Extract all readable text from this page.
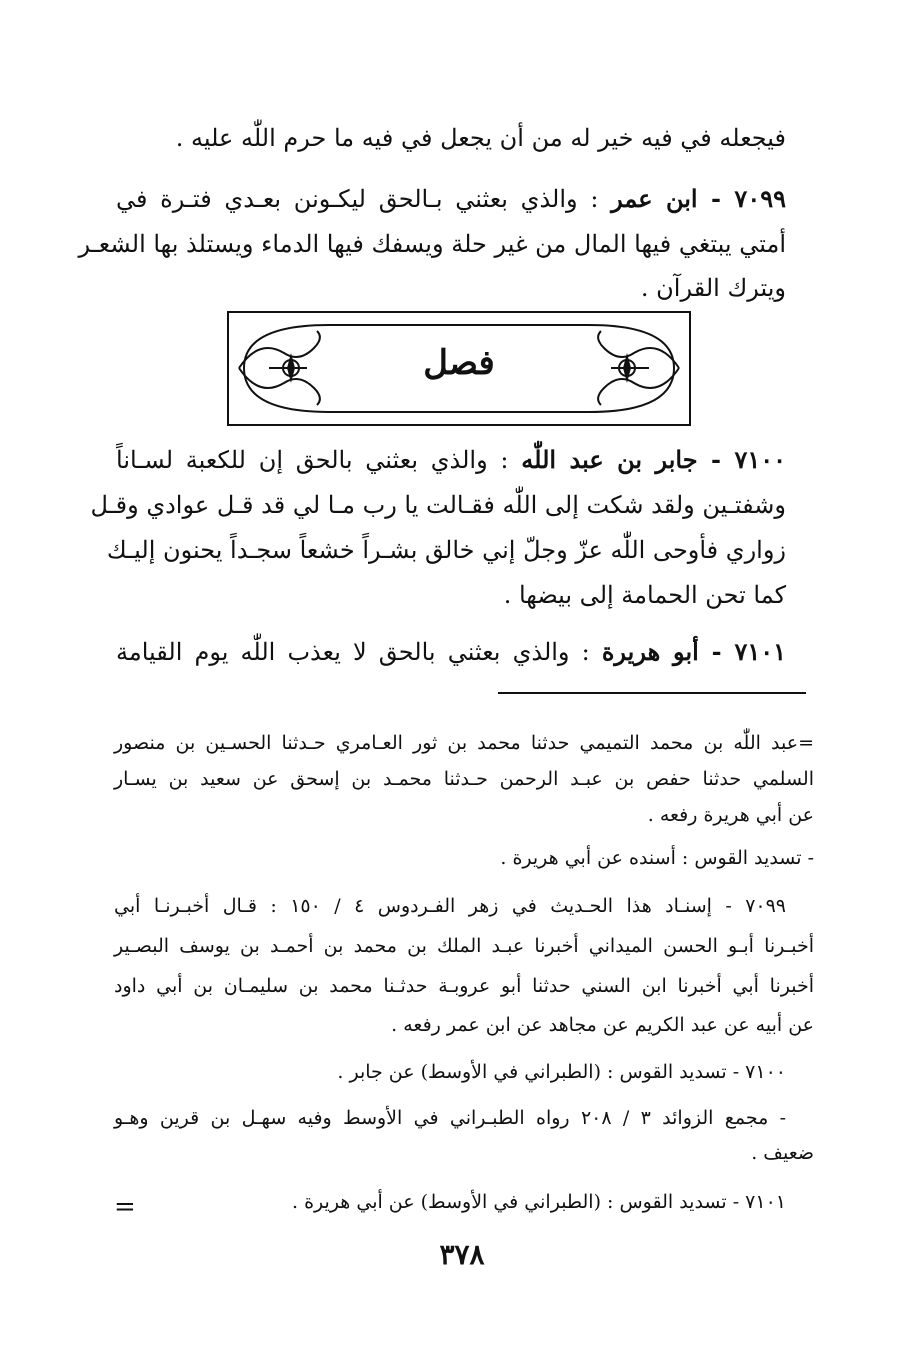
فيجعله في فيه خير له من أن يجعل في فيه ما حرم اللّٰه عليه .
٧٠٩٩ - ابن عمر : والذي بعثني بـالحق ليكـونن بعـدي فتـرة في
أمتي يبتغي فيها المال من غير حلة ويسفك فيها الدماء ويستلذ بها الشعـر
ويترك القرآن .
فصل
٧١٠٠ - جابر بن عبد اللّٰه : والذي بعثني بالحق إن للكعبة لسـاناً
وشفتـين ولقد شكت إلى اللّٰه فقـالت يا رب مـا لي قد قـل عوادي وقـل
زواري فأوحى اللّٰه عزّ وجلّ إني خالق بشـراً خشعاً سجـداً يحنون إليـك
كما تحن الحمامة إلى بيضها .
٧١٠١ - أبو هريرة : والذي بعثني بالحق لا يعذب اللّٰه يوم القيامة
=عبد اللّٰه بن محمد التميمي حدثنا محمد بن ثور العـامري حـدثنا الحسـين بن منصور
السلمي حدثنا حفص بن عبـد الرحمن حـدثنا محمـد بن إسحق عن سعيد بن يسـار
عن أبي هريرة رفعه .
- تسديد القوس : أسنده عن أبي هريرة .
٧٠٩٩ - إسنـاد هذا الحـديث في زهر الفـردوس ٤ / ١٥٠ : قـال أخبـرنـا أبي
أخبـرنا أبـو الحسن الميداني أخبرنا عبـد الملك بن محمد بن أحمـد بن يوسف البصـير
أخبرنا أبي أخبرنا ابن السني حدثنا أبو عروبـة حدثـنا محمد بن سليمـان بن أبي داود
عن أبيه عن عبد الكريم عن مجاهد عن ابن عمر رفعه .
٧١٠٠ - تسديد القوس : (الطبراني في الأوسط) عن جابر .
- مجمع الزوائد ٣ / ٢٠٨ رواه الطبـراني في الأوسط وفيه سهـل بن قرين وهـو
ضعيف .
٧١٠١ - تسديد القوس : (الطبراني في الأوسط) عن أبي هريرة .
=
٣٧٨
